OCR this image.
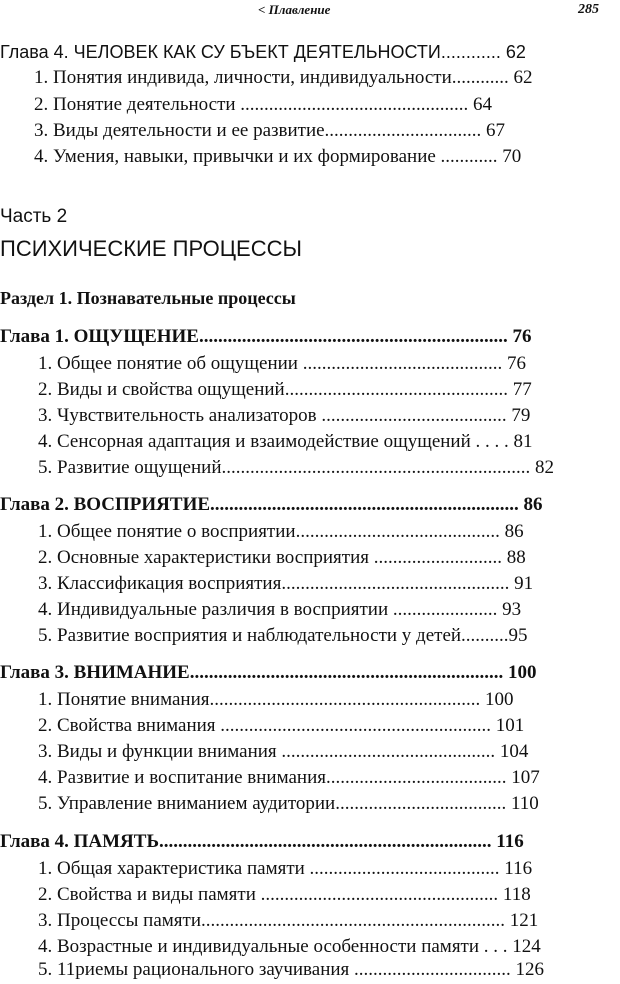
< Плавление	285
Глава 4. ЧЕЛОВЕК КАК СУ БЪЕКТ ДЕЯТЕЛЬНОСТИ............ 62
1. Понятия индивида, личности, индивидуальности............ 62
2. Понятие деятельности ................................................ 64
3. Виды деятельности и ее развитие................................. 67
4. Умения, навыки, привычки и их формирование ............ 70
Часть 2
ПСИХИЧЕСКИЕ ПРОЦЕССЫ
Раздел 1. Познавательные процессы
Глава 1. ОЩУЩЕНИЕ................................................................. 76
1. Общее понятие об ощущении .......................................... 76
2. Виды и свойства ощущений............................................... 77
3. Чувствительность анализаторов ....................................... 79
4. Сенсорная адаптация и взаимодействие ощущений . . . . 81
5. Развитие ощущений................................................................. 82
Глава 2. ВОСПРИЯТИЕ................................................................. 86
1. Общее понятие о восприятии........................................... 86
2. Основные характеристики восприятия ........................... 88
3. Классификация восприятия................................................ 91
4. Индивидуальные различия в восприятии ...................... 93
5. Развитие восприятия и наблюдательности у детей..........95
Глава 3. ВНИМАНИЕ.................................................................. 100
1. Понятие внимания......................................................... 100
2. Свойства внимания ......................................................... 101
3. Виды и функции внимания ............................................. 104
4. Развитие и воспитание внимания...................................... 107
5. Управление вниманием аудитории.................................... 110
Глава 4. ПАМЯТЬ...................................................................... 116
1. Общая характеристика памяти ........................................ 116
2. Свойства и виды памяти .................................................. 118
3. Процессы памяти................................................................ 121
4. Возрастные и индивидуальные особенности памяти . . . 124
5. 11риемы рационального заучивания ................................. 126
